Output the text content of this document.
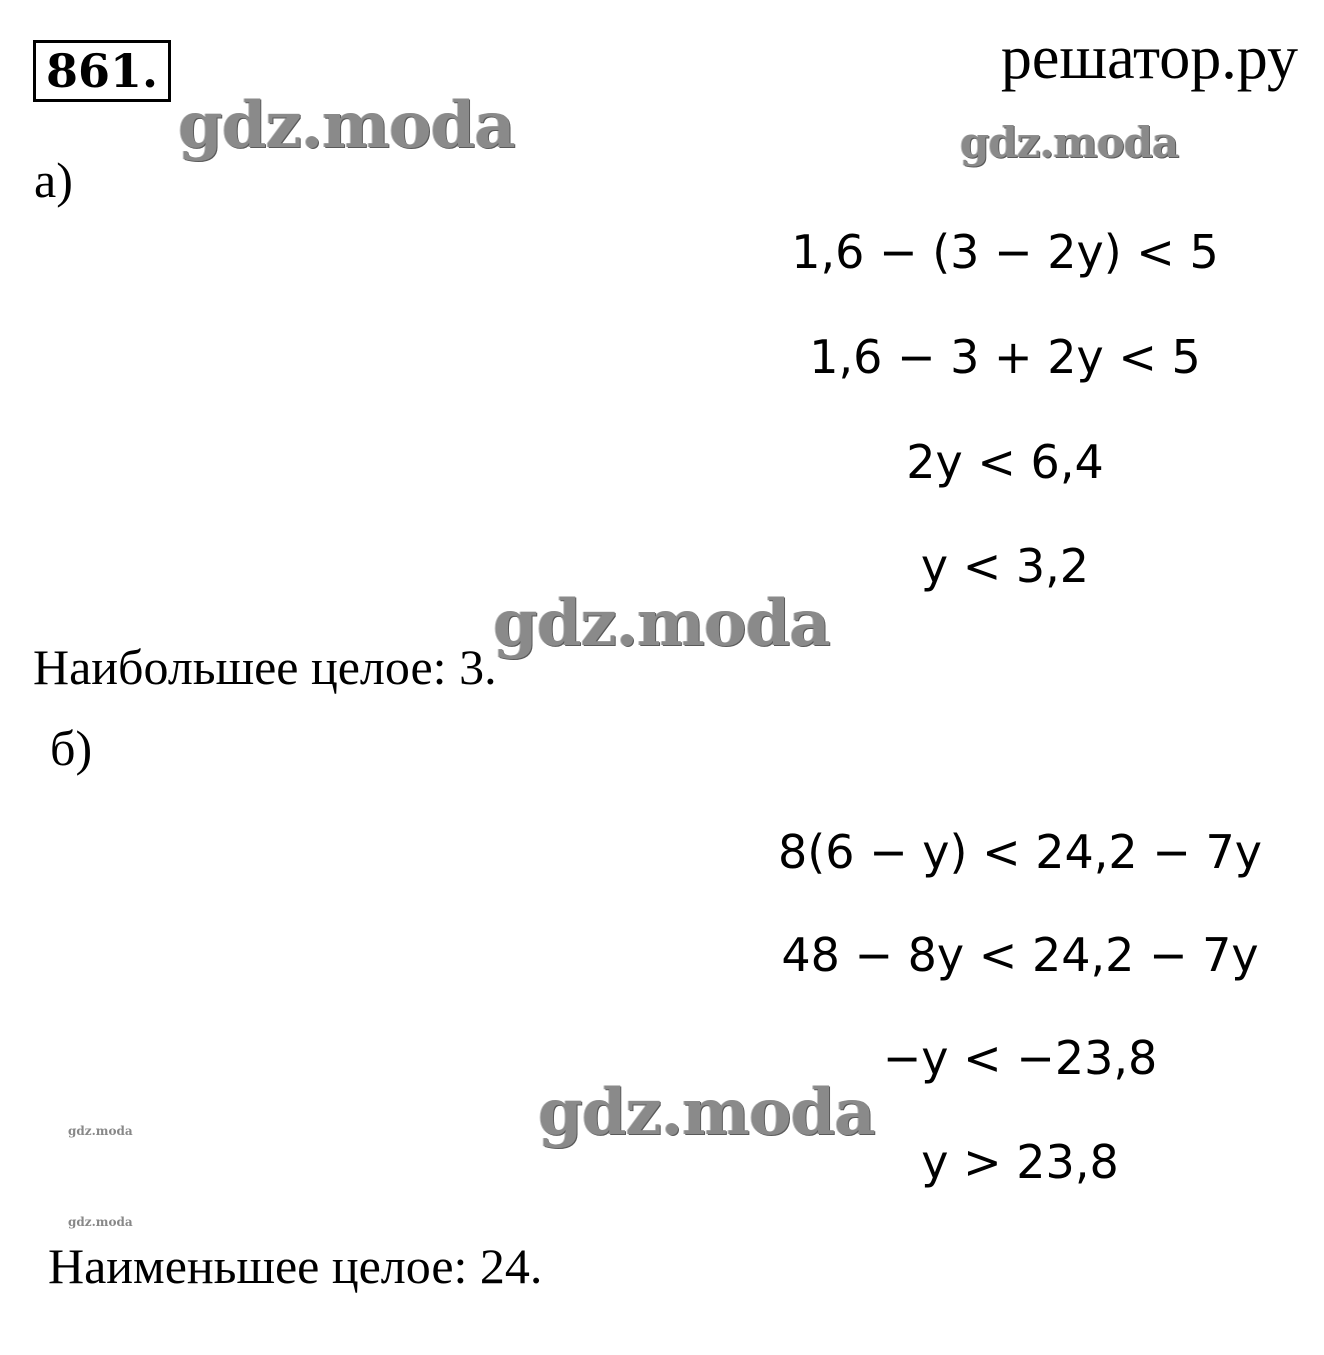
861.	решатор.ру
а)
1,6 − (3 − 2y) < 5
1,6 − 3 + 2y < 5
2y < 6,4
y < 3,2
Наибольшее целое: 3.
б)
8(6 − y) < 24,2 − 7y
48 − 8y < 24,2 − 7y
−y < −23,8
y > 23,8
Наименьшее целое: 24.
gdz.moda	gdz.moda
gdz.moda
gdz.moda
gdz.moda
gdz.moda
